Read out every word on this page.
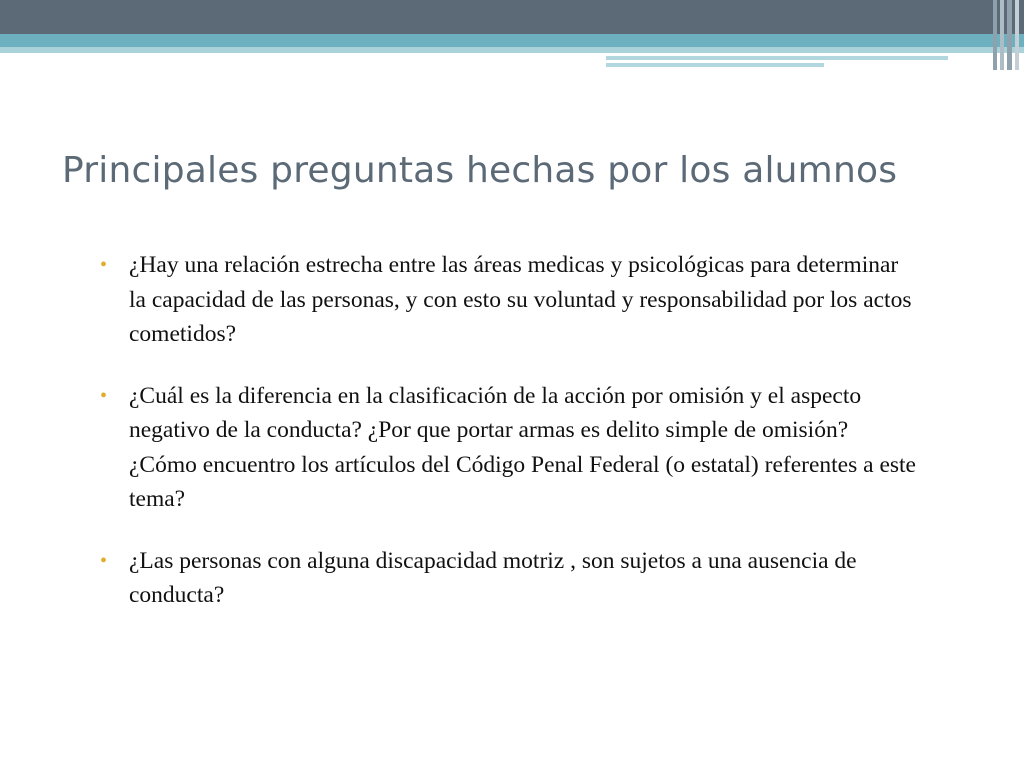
Principales preguntas hechas por los alumnos
• ¿Hay una relación estrecha entre las áreas medicas y psicológicas para determinar la capacidad de las personas, y con esto su voluntad y responsabilidad por los actos cometidos?
• ¿Cuál es la diferencia en la clasificación de la acción por omisión y el aspecto negativo de la conducta? ¿Por que portar armas es delito simple de omisión? ¿Cómo encuentro los artículos del Código Penal Federal (o estatal) referentes a este tema?
• ¿Las personas con alguna discapacidad motriz , son sujetos a una ausencia de conducta?
